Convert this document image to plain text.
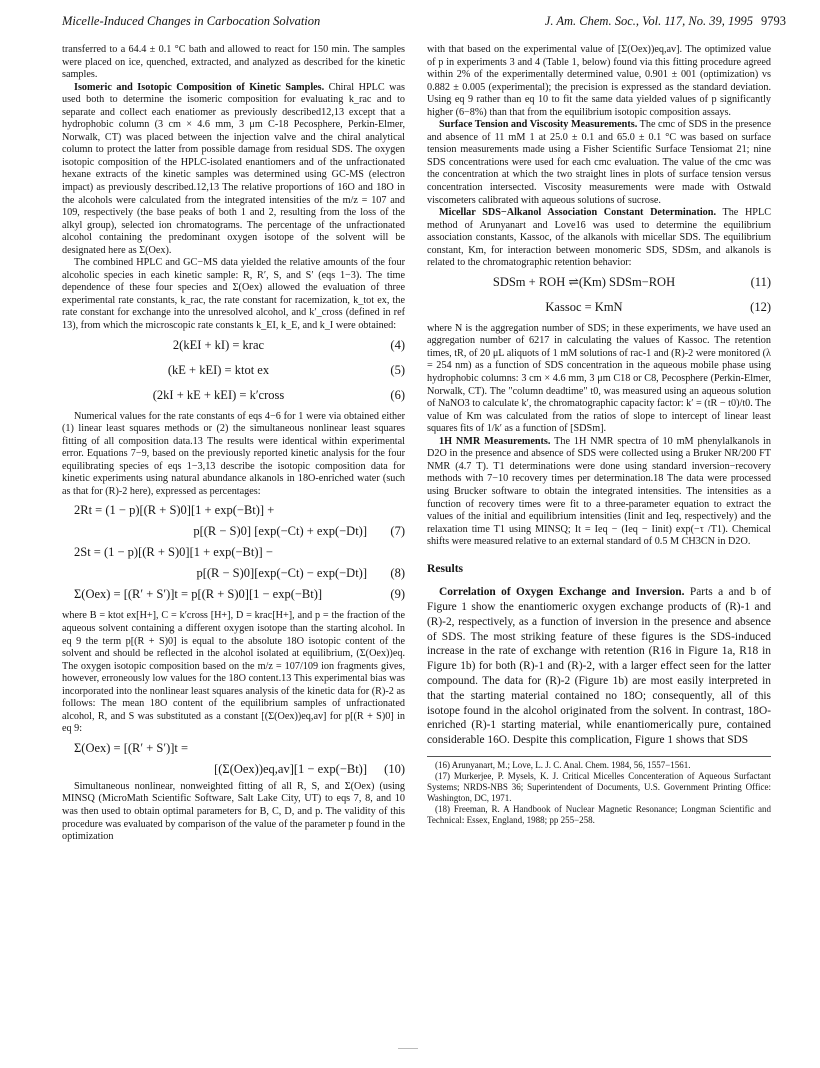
Micelle-Induced Changes in Carbocation Solvation	J. Am. Chem. Soc., Vol. 117, No. 39, 1995 9793

transferred to a 64.4 ± 0.1 °C bath and allowed to react for 150 min. The samples were placed on ice, quenched, extracted, and analyzed as described for the kinetic samples.

Isomeric and Isotopic Composition of Kinetic Samples. Chiral HPLC was used both to determine the isomeric composition for evaluating k_rac and to separate and collect each enatiomer as previously described12,13 except that a hydrophobic column (3 cm × 4.6 mm, 3 μm C-18 Pecosphere, Perkin-Elmer, Norwalk, CT) was placed between the injection valve and the chiral analytical column to protect the latter from possible damage from residual SDS. The oxygen isotopic composition of the HPLC-isolated enantiomers and of the unfractionated hexane extracts of the kinetic samples was determined using GC-MS (electron impact) as previously described.12,13 The relative proportions of 16O and 18O in the alcohols were calculated from the integrated intensities of the m/z = 107 and 109, respectively (the base peaks of both 1 and 2, resulting from the loss of the alkyl group), selected ion chromatograms. The percentage of the unfractionated alcohol containing the predominant oxygen isotope of the solvent will be designated here as Σ(Oex).

The combined HPLC and GC−MS data yielded the relative amounts of the four alcoholic species in each kinetic sample: R, R′, S, and S′ (eqs 1−3). The time dependence of these four species and Σ(Oex) allowed the evaluation of three experimental rate constants, k_rac, the rate constant for racemization, k_tot ex, the rate constant for exchange into the unresolved alcohol, and k′_cross (defined in ref 13), from which the microscopic rate constants k_EI, k_E, and k_I were obtained:

2(kEI + kI) = krac	(4)
(kE + kEI) = ktot ex	(5)
(2kI + kE + kEI) = k′cross	(6)

Numerical values for the rate constants of eqs 4−6 for 1 were via obtained either (1) linear least squares methods or (2) the simultaneous nonlinear least squares fitting of all composition data.13 The results were identical within experimental error. Equations 7−9, based on the previously reported kinetic analysis for the four equilibrating species of eqs 1−3,13 describe the isotopic composition data for kinetic experiments using natural abundance alkanols in 18O-enriched water (such as that for (R)-2 here), expressed as percentages:

2Rt = (1 − p)[(R + S)0][1 + exp(−Bt)] +
p[(R − S)0] [exp(−Ct) + exp(−Dt)] (7)
2St = (1 − p)[(R + S)0][1 + exp(−Bt)] −
p[(R − S)0][exp(−Ct) − exp(−Dt)] (8)
Σ(Oex) = [(R′ + S′)]t = p[(R + S)0][1 − exp(−Bt)]	(9)

where B = ktot ex[H+], C = k′cross [H+], D = krac[H+], and p = the fraction of the aqueous solvent containing a different oxygen isotope than the starting alcohol. In eq 9 the term p[(R + S)0] is equal to the absolute 18O isotopic content of the solvent and should be reflected in the alcohol isolated at equilibrium, (Σ(Oex))eq. The oxygen isotopic composition based on the m/z = 107/109 ion fragments gives, however, erroneously low values for the 18O content.13 This experimental bias was incorporated into the nonlinear least squares analysis of the kinetic data for (R)-2 as follows: The mean 18O content of the equilibrium samples of unfractionated alcohol, R, and S was substituted as a constant [(Σ(Oex))eq,av] for p[(R + S)0] in eq 9:

Σ(Oex) = [(R′ + S′)]t =
[(Σ(Oex))eq,av][1 − exp(−Bt)] (10)

Simultaneous nonlinear, nonweighted fitting of all R, S, and Σ(Oex) (using MINSQ (MicroMath Scientific Software, Salt Lake City, UT) to eqs 7, 8, and 10 was then used to obtain optimal parameters for B, C, D, and p. The validity of this procedure was evaluated by comparison of the value of the parameter p found in the optimization

with that based on the experimental value of [Σ(Oex))eq,av]. The optimized value of p in experiments 3 and 4 (Table 1, below) found via this fitting procedure agreed within 2% of the experimentally determined value, 0.901 ± 001 (optimization) vs 0.882 ± 0.005 (experimental); the precision is expressed as the standard deviation. Using eq 9 rather than eq 10 to fit the same data yielded values of p significantly higher (6−8%) than that from the equilibrium isotopic composition assays.

Surface Tension and Viscosity Measurements. The cmc of SDS in the presence and absence of 11 mM 1 at 25.0 ± 0.1 and 65.0 ± 0.1 °C was based on surface tension measurements made using a Fisher Scientific Surface Tensiomat 21; nine SDS concentrations were used for each cmc evaluation. The value of the cmc was the concentration at which the two straight lines in plots of surface tension versus concentration intersected. Viscosity measurements were made with Ostwald viscometers calibrated with aqueous solutions of sucrose.

Micellar SDS−Alkanol Association Constant Determination. The HPLC method of Arunyanart and Love16 was used to determine the equilibrium association constants, Kassoc, of the alkanols with micellar SDS. The equilibrium constant, Km, for interaction between monomeric SDS, SDSm, and alkanols is related to the chromatographic retention behavior:

SDSm + ROH ⇌(Km) SDSm−ROH	(11)
Kassoc = KmN	(12)

where N is the aggregation number of SDS; in these experiments, we have used an aggregation number of 6217 in calculating the values of Kassoc. The retention times, tR, of 20 μL aliquots of 1 mM solutions of rac-1 and (R)-2 were monitored (λ = 254 nm) as a function of SDS concentration in the aqueous mobile phase using hydrophobic columns: 3 cm × 4.6 mm, 3 μm C18 or C8, Pecosphere (Perkin-Elmer, Norwalk, CT). The "column deadtime" t0, was measured using an aqueous solution of NaNO3 to calculate k′, the chromatographic capacity factor: k′ = (tR − t0)/t0. The value of Km was calculated from the ratios of slope to intercept of linear least squares fits of 1/k′ as a function of [SDSm].

1H NMR Measurements. The 1H NMR spectra of 10 mM phenylalkanols in D2O in the presence and absence of SDS were collected using a Bruker NR/200 FT NMR (4.7 T). T1 determinations were done using standard inversion−recovery methods with 7−10 recovery times per determination.18 The data were processed using Brucker software to obtain the integrated intensities. The intensities as a function of recovery times were fit to a three-parameter equation to extract the values of the initial and equilibrium intensities (Iinit and Ieq, respectively) and the relaxation time T1 using MINSQ; It = Ieq − (Ieq − Iinit) exp(−τ /T1). Chemical shifts were measured relative to an external standard of 0.5 M CH3CN in D2O.

Results

Correlation of Oxygen Exchange and Inversion. Parts a and b of Figure 1 show the enantiomeric oxygen exchange products of (R)-1 and (R)-2, respectively, as a function of inversion in the presence and absence of SDS. The most striking feature of these figures is the SDS-induced increase in the rate of exchange with retention (R16 in Figure 1a, R18 in Figure 1b) for both (R)-1 and (R)-2, with a larger effect seen for the latter compound. The data for (R)-2 (Figure 1b) are most easily interpreted in that the starting material contained no 18O; consequently, all of this isotope found in the alcohol originated from the solvent. In contrast, 18O-enriched (R)-1 starting material, while enantiomerically pure, contained considerable 16O. Despite this complication, Figure 1 shows that SDS

(16) Arunyanart, M.; Love, L. J. C. Anal. Chem. 1984, 56, 1557−1561.

(17) Murkerjee, P. Mysels, K. J. Critical Micelles Concenteration of Aqueous Surfactant Systems; NRDS-NBS 36; Superintendent of Documents, U.S. Government Printing Office: Washington, DC, 1971.

(18) Freeman, R. A Handbook of Nuclear Magnetic Resonance; Longman Scientific and Technical: Essex, England, 1988; pp 255−258.
